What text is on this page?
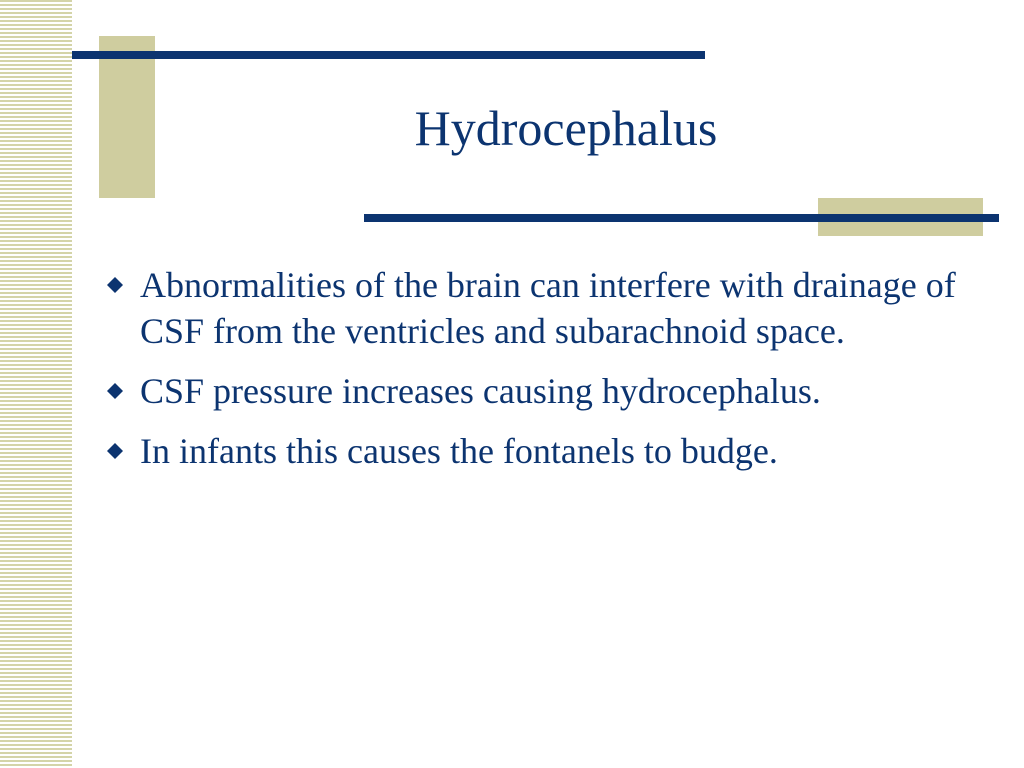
Hydrocephalus
Abnormalities of the brain can interfere with drainage of CSF from the ventricles and subarachnoid space.
CSF pressure increases causing hydrocephalus.
In infants this causes the fontanels to budge.
